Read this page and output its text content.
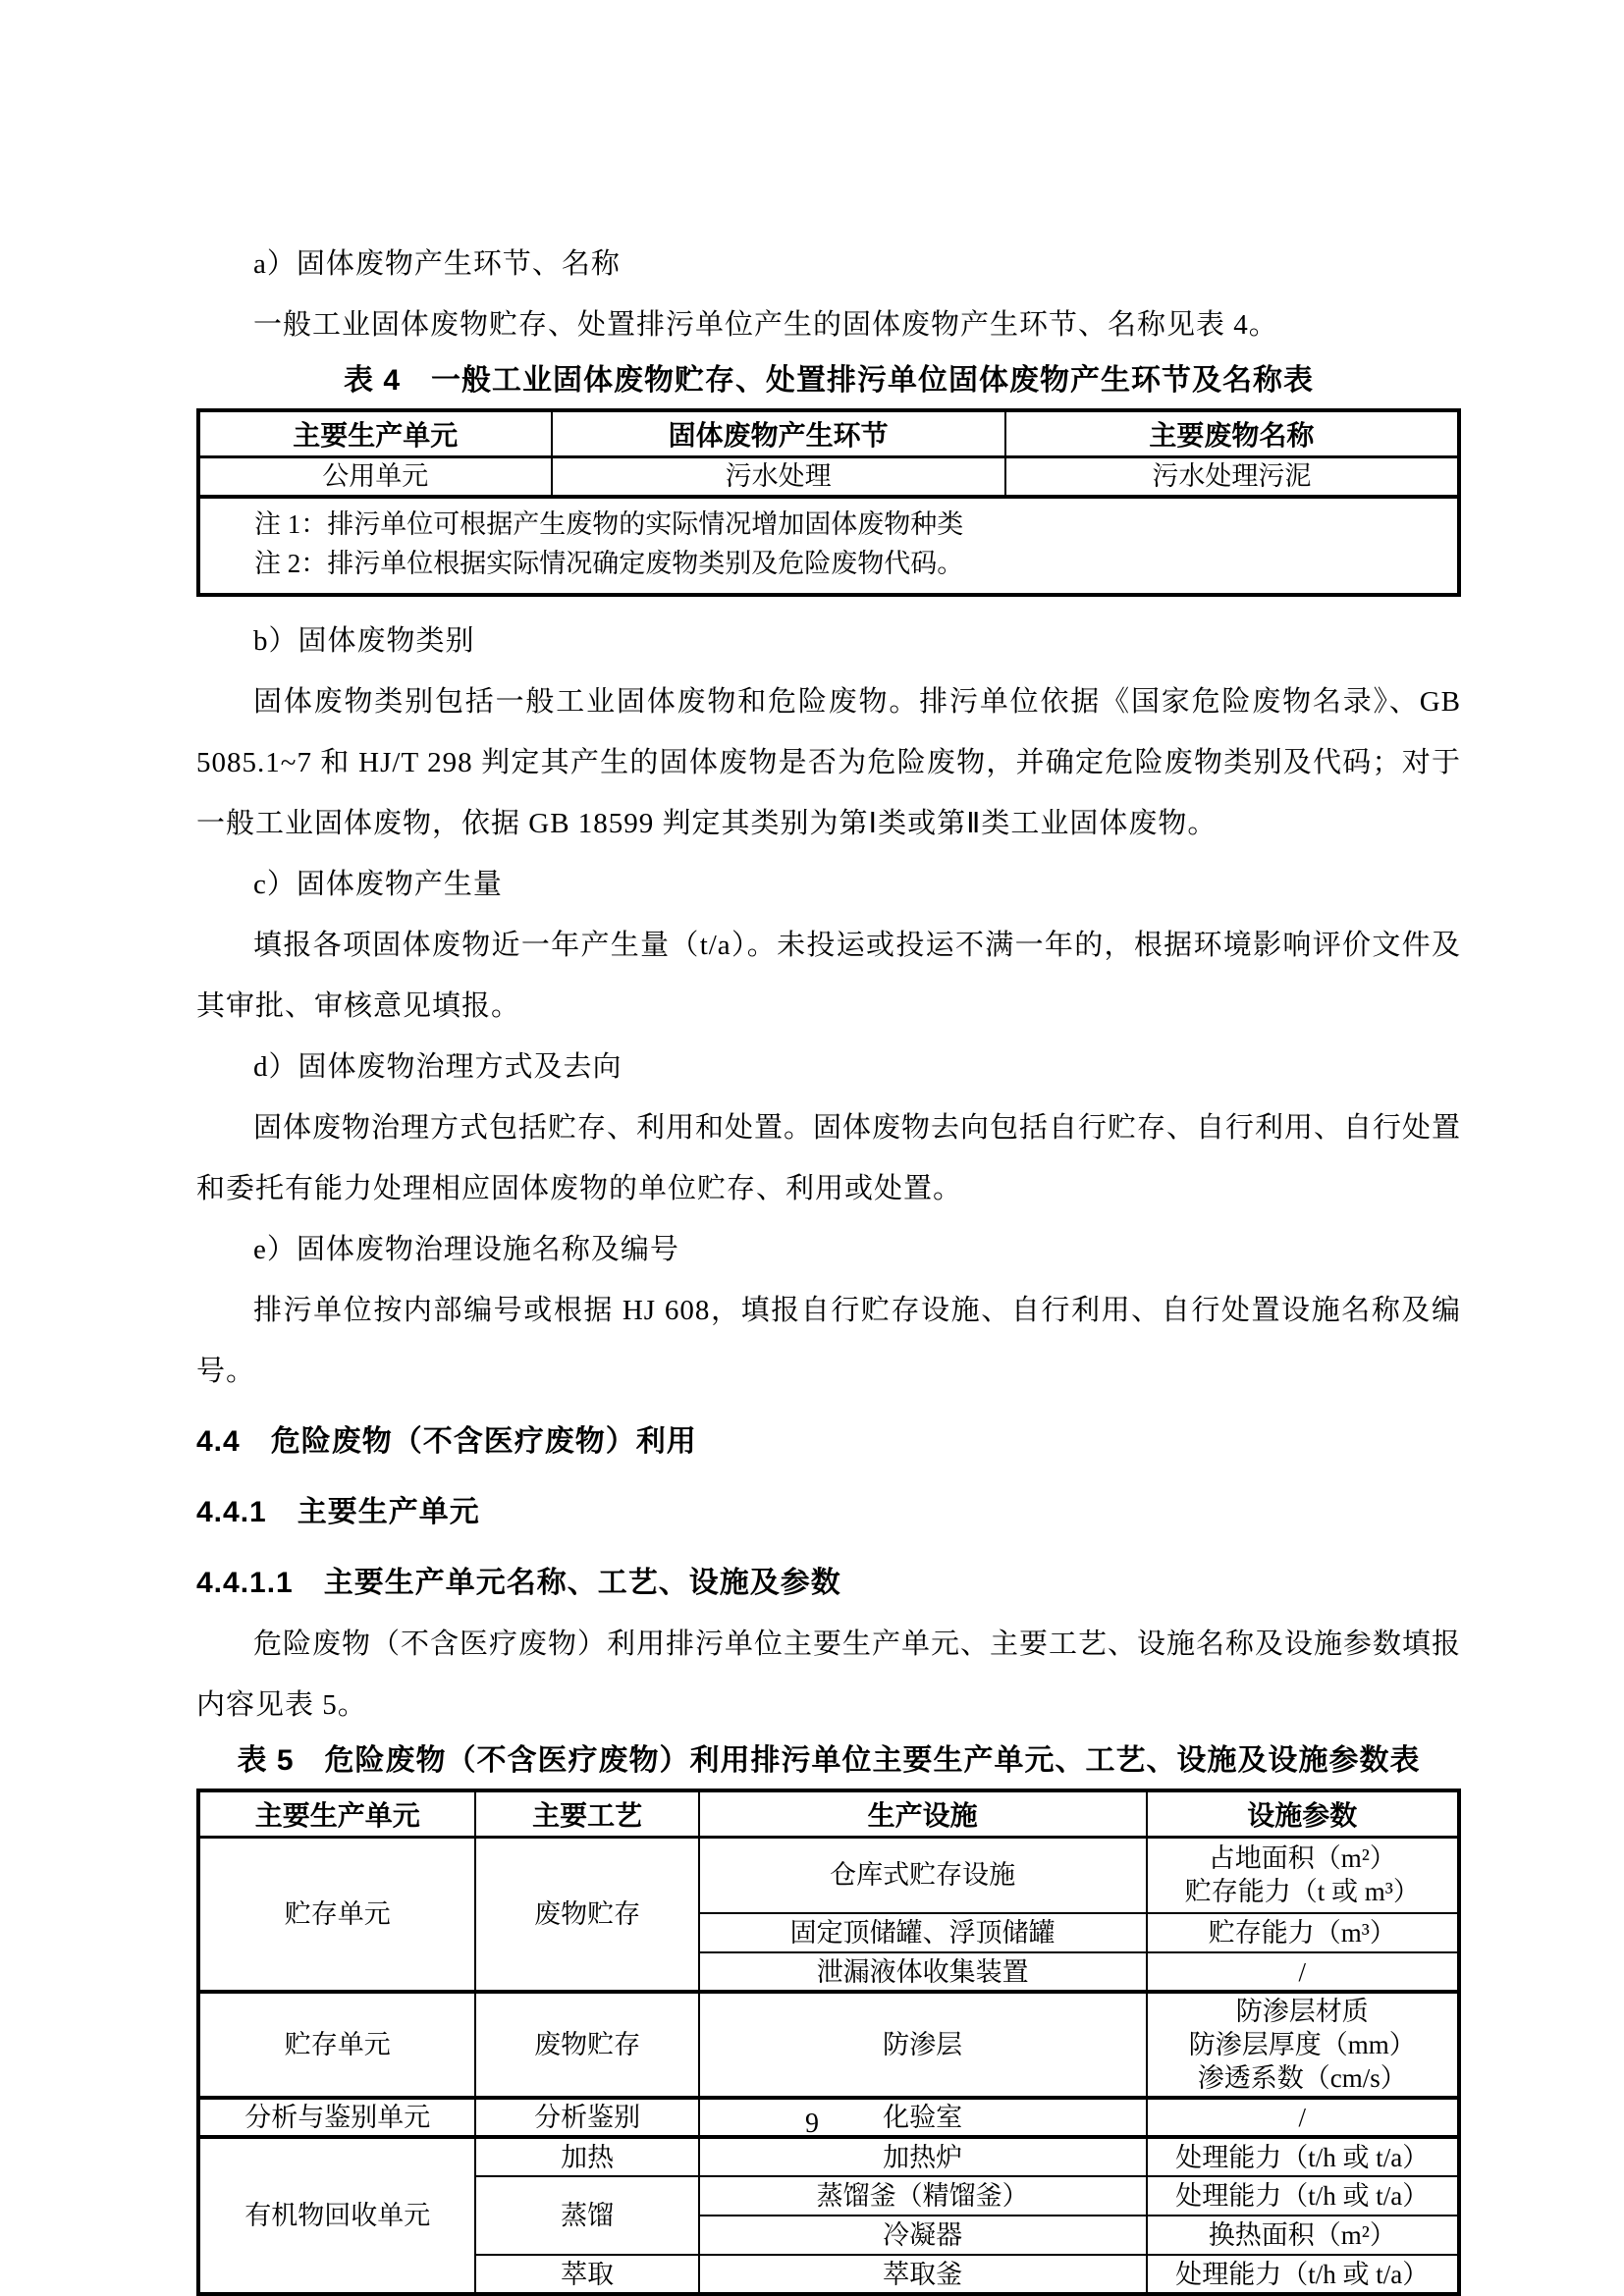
a）固体废物产生环节、名称

一般工业固体废物贮存、处置排污单位产生的固体废物产生环节、名称见表 4。

表 4　一般工业固体废物贮存、处置排污单位固体废物产生环节及名称表
主要生产单元	固体废物产生环节	主要废物名称
公用单元	污水处理	污水处理污泥

注 1：排污单位可根据产生废物的实际情况增加固体废物种类
注 2：排污单位根据实际情况确定废物类别及危险废物代码。		

b）固体废物类别

固体废物类别包括一般工业固体废物和危险废物。排污单位依据《国家危险废物名录》、GB 5085.1~7 和 HJ/T 298 判定其产生的固体废物是否为危险废物，并确定危险废物类别及代码；对于一般工业固体废物，依据 GB 18599 判定其类别为第Ⅰ类或第Ⅱ类工业固体废物。

c）固体废物产生量

填报各项固体废物近一年产生量（t/a）。未投运或投运不满一年的，根据环境影响评价文件及其审批、审核意见填报。

d）固体废物治理方式及去向

固体废物治理方式包括贮存、利用和处置。固体废物去向包括自行贮存、自行利用、自行处置和委托有能力处理相应固体废物的单位贮存、利用或处置。

e）固体废物治理设施名称及编号

排污单位按内部编号或根据 HJ 608，填报自行贮存设施、自行利用、自行处置设施名称及编号。

4.4　危险废物（不含医疗废物）利用
4.4.1　主要生产单元
4.4.1.1　主要生产单元名称、工艺、设施及参数

危险废物（不含医疗废物）利用排污单位主要生产单元、主要工艺、设施名称及设施参数填报内容见表 5。

表 5　危险废物（不含医疗废物）利用排污单位主要生产单元、工艺、设施及设施参数表
主要生产单元	主要工艺	生产设施	设施参数
贮存单元	废物贮存	仓库式贮存设施	占地面积（m²）
贮存能力（t 或 m³）

		固定顶储罐、浮顶储罐	贮存能力（m³）
		泄漏液体收集装置	/
贮存单元	废物贮存	防渗层	防渗层材质
防渗层厚度（mm）
渗透系数（cm/s）

分析与鉴别单元	分析鉴别	化验室	/
有机物回收单元	加热	加热炉	处理能力（t/h 或 t/a）
	蒸馏	蒸馏釜（精馏釜）	处理能力（t/h 或 t/a）
		冷凝器	换热面积（m²）
	萃取	萃取釜	处理能力（t/h 或 t/a）
9
